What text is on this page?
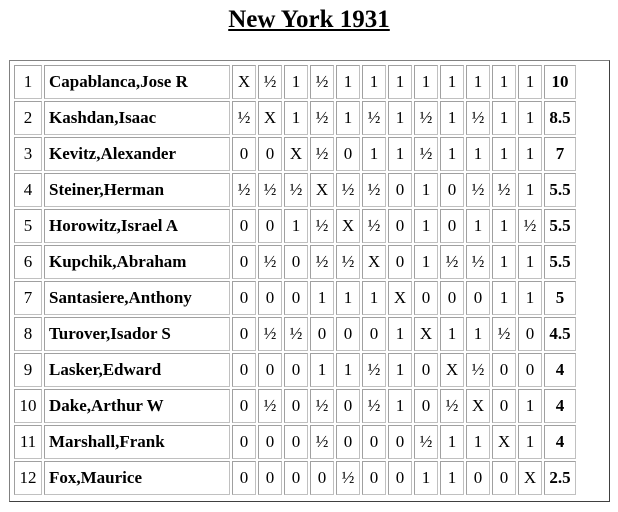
New York 1931
1	Capablanca,Jose R	X	½	1	½	1	1	1	1	1	1	1	1	10
2	Kashdan,Isaac	½	X	1	½	1	½	1	½	1	½	1	1	8.5
3	Kevitz,Alexander	0	0	X	½	0	1	1	½	1	1	1	1	7
4	Steiner,Herman	½	½	½	X	½	½	0	1	0	½	½	1	5.5
5	Horowitz,Israel A	0	0	1	½	X	½	0	1	0	1	1	½	5.5
6	Kupchik,Abraham	0	½	0	½	½	X	0	1	½	½	1	1	5.5
7	Santasiere,Anthony	0	0	0	1	1	1	X	0	0	0	1	1	5
8	Turover,Isador S	0	½	½	0	0	0	1	X	1	1	½	0	4.5
9	Lasker,Edward	0	0	0	1	1	½	1	0	X	½	0	0	4
10	Dake,Arthur W	0	½	0	½	0	½	1	0	½	X	0	1	4
11	Marshall,Frank	0	0	0	½	0	0	0	½	1	1	X	1	4
12	Fox,Maurice	0	0	0	0	½	0	0	1	1	0	0	X	2.5
